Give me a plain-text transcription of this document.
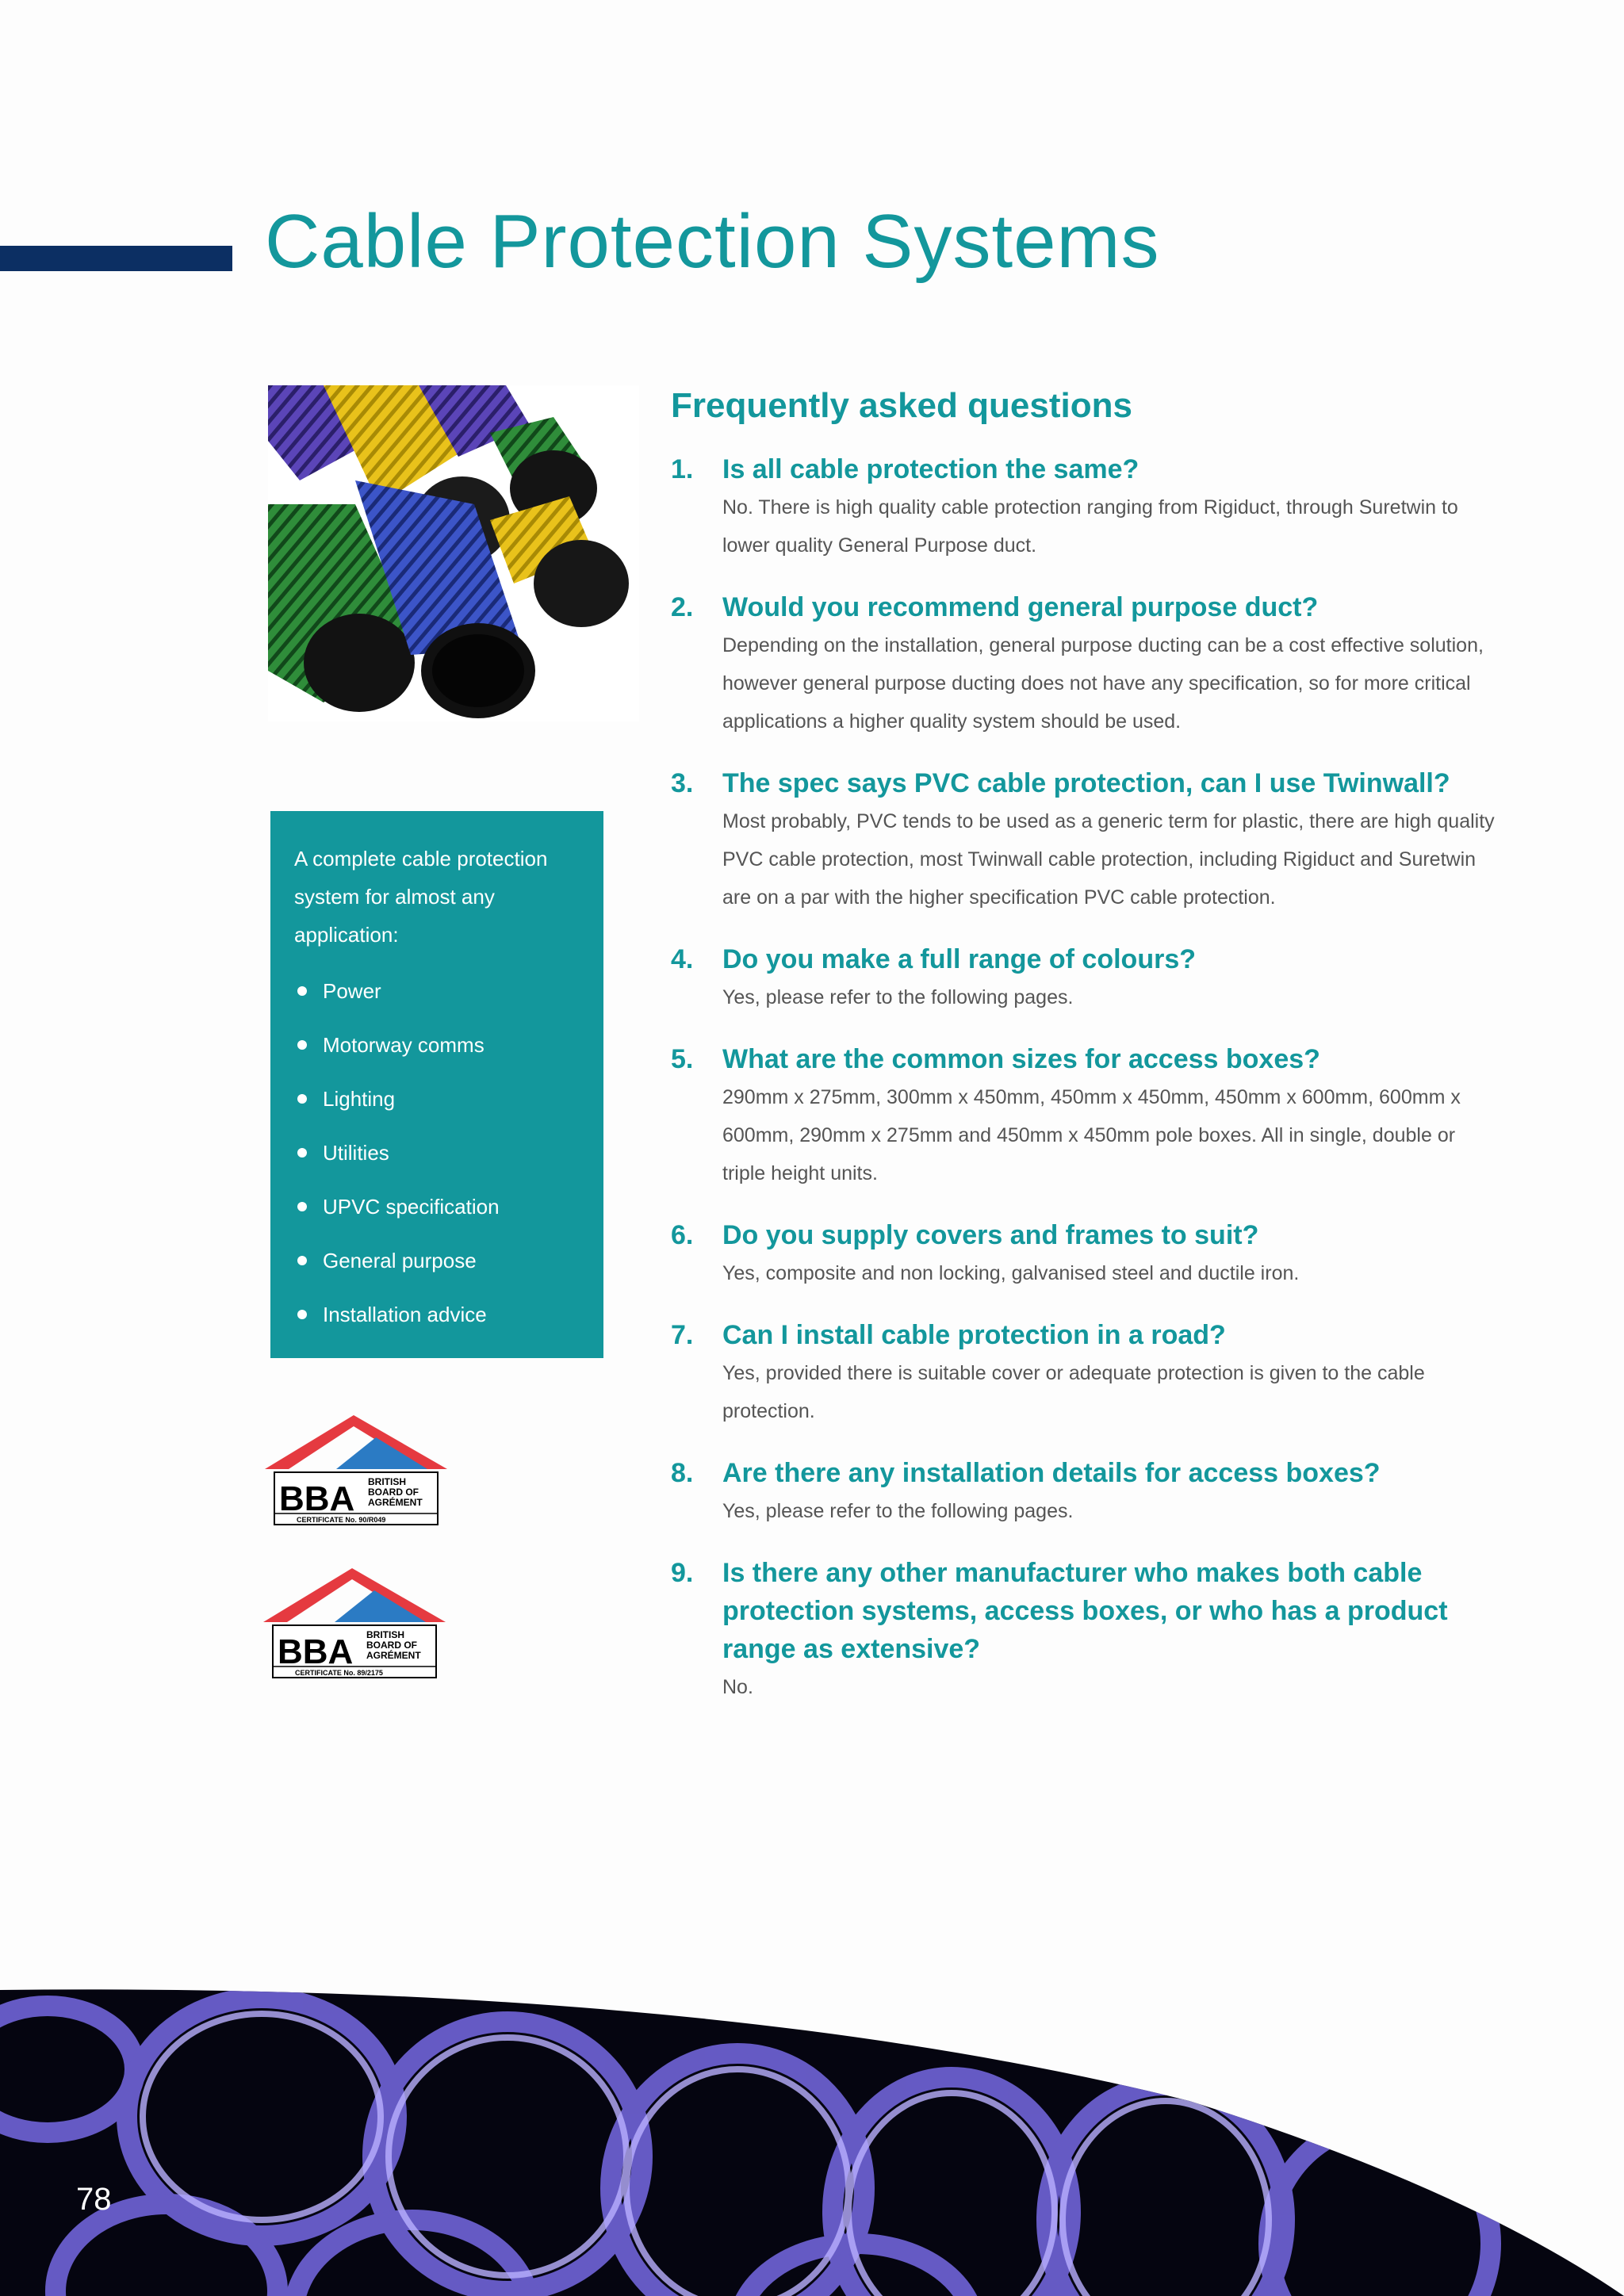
Cable Protection Systems

A complete cable protection system for almost any application:

Power
Motorway comms
Lighting
Utilities
UPVC specification
General purpose
Installation advice
BBA BRITISH
BOARD OF
AGRÉMENT
CERTIFICATE No. 90/R049
BBA BRITISH
BOARD OF
AGRÉMENT
CERTIFICATE No. 89/2175
Frequently asked questions
1.	Is all cable protection the same?
No. There is high quality cable protection ranging from Rigiduct, through Suretwin to lower quality General Purpose duct.
2.	Would you recommend general purpose duct?
Depending on the installation, general purpose ducting can be a cost effective solution, however general purpose ducting does not have any specification, so for more critical applications a higher quality system should be used.
3.	The spec says PVC cable protection, can I use Twinwall?
Most probably, PVC tends to be used as a generic term for plastic, there are high quality PVC cable protection, most Twinwall cable protection, including Rigiduct and Suretwin are on a par with the higher specification PVC cable protection.
4.	Do you make a full range of colours?
Yes, please refer to the following pages.
5.	What are the common sizes for access boxes?
290mm x 275mm, 300mm x 450mm, 450mm x 450mm, 450mm x 600mm, 600mm x 600mm, 290mm x 275mm and 450mm x 450mm pole boxes. All in single, double or triple height units.
6.	Do you supply covers and frames to suit?
Yes, composite and non locking, galvanised steel and ductile iron.
7.	Can I install cable protection in a road?
Yes, provided there is suitable cover or adequate protection is given to the cable protection.
8.	Are there any installation details for access boxes?
Yes, please refer to the following pages.
9.	Is there any other manufacturer who makes both cable protection systems, access boxes, or who has a product range as extensive?
No.
78
